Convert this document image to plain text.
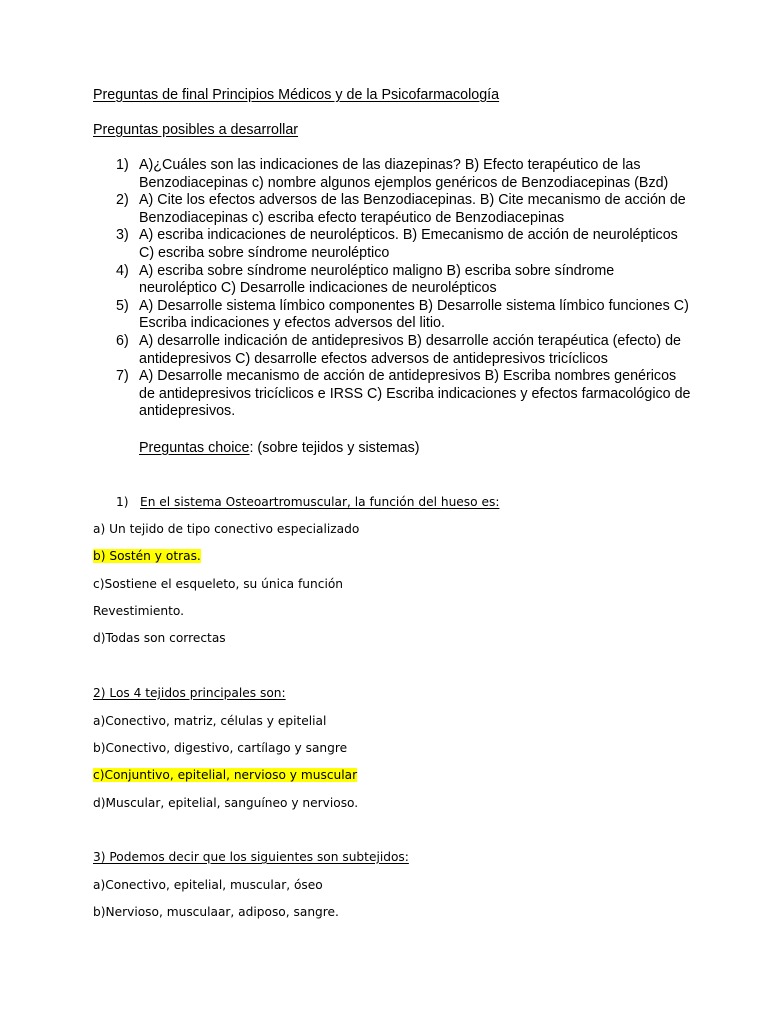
Preguntas de final Principios Médicos y de la Psicofarmacología
Preguntas posibles a desarrollar
1) A)¿Cuáles son las indicaciones de las diazepinas? B) Efecto terapéutico de las Benzodiacepinas c) nombre algunos ejemplos genéricos de Benzodiacepinas (Bzd)
2) A) Cite los efectos adversos de las Benzodiacepinas. B) Cite mecanismo de acción de Benzodiacepinas c) escriba efecto terapéutico de Benzodiacepinas
3) A) escriba indicaciones de neurolépticos. B) Emecanismo de acción de neurolépticos C) escriba sobre síndrome neuroléptico
4) A) escriba sobre síndrome neuroléptico maligno B) escriba sobre síndrome neuroléptico C) Desarrolle indicaciones de neurolépticos
5) A) Desarrolle sistema límbico componentes B) Desarrolle sistema límbico funciones C) Escriba indicaciones y efectos adversos del litio.
6) A) desarrolle indicación de antidepresivos B) desarrolle acción terapéutica (efecto) de antidepresivos C) desarrolle efectos adversos de antidepresivos tricíclicos
7) A) Desarrolle mecanismo de acción de antidepresivos B) Escriba nombres genéricos de antidepresivos tricíclicos e IRSS C) Escriba indicaciones y efectos farmacológico de antidepresivos.
Preguntas choice: (sobre tejidos y sistemas)
1) En el sistema Osteoartromuscular, la función del hueso es:
a) Un tejido de tipo conectivo especializado
b) Sostén y otras.
c)Sostiene el esqueleto, su única función
Revestimiento.
d)Todas son correctas
2) Los 4 tejidos principales son:
a)Conectivo, matriz, células y epitelial
b)Conectivo, digestivo, cartílago y sangre
c)Conjuntivo, epitelial, nervioso y muscular
d)Muscular, epitelial, sanguíneo y nervioso.
3) Podemos decir que los siguientes son subtejidos:
a)Conectivo, epitelial, muscular, óseo
b)Nervioso, musculaar, adiposo, sangre.
